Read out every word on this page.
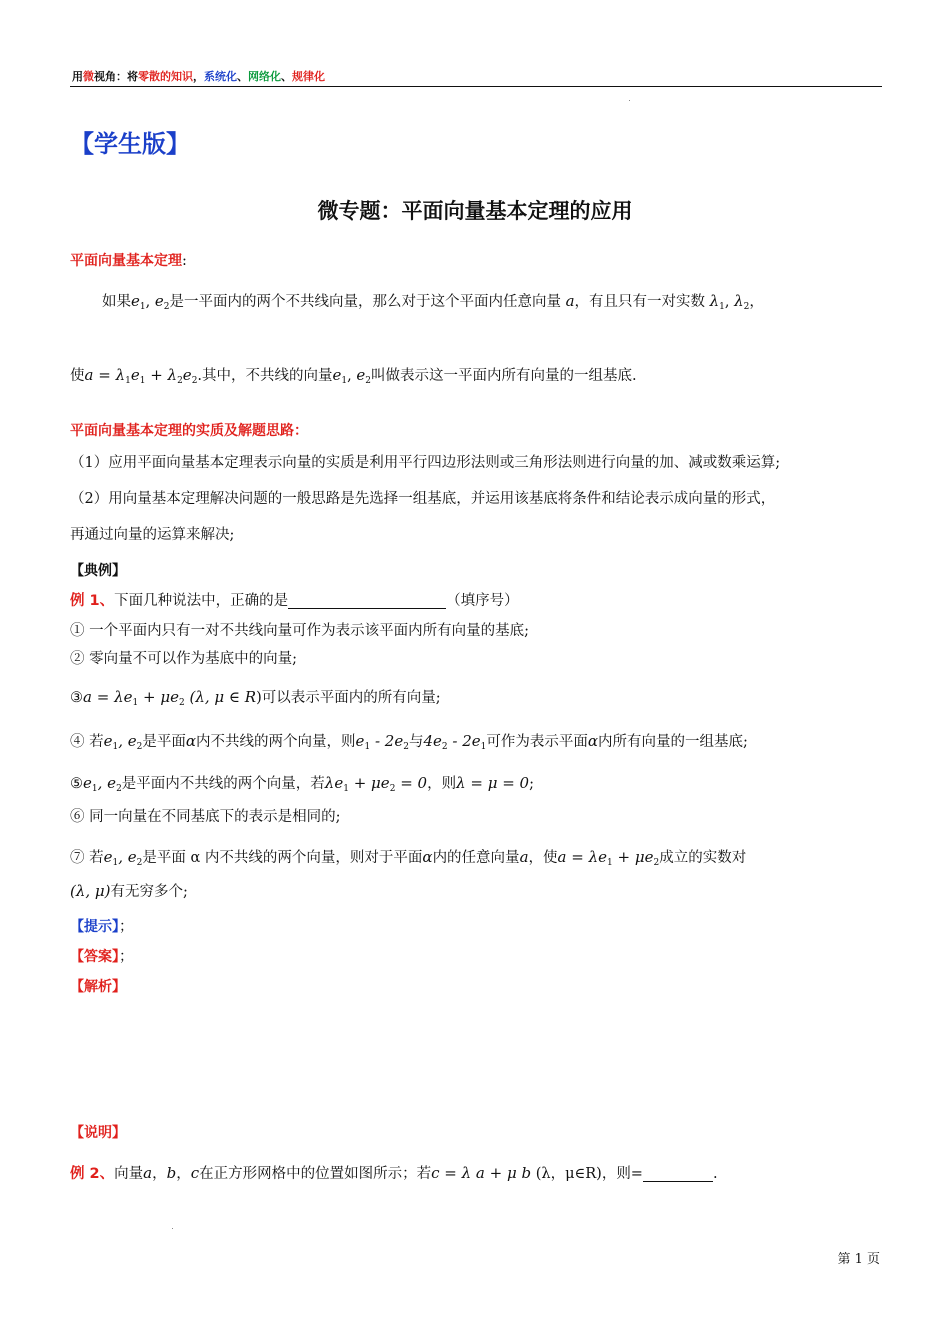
用微视角：将零散的知识，系统化、网络化、规律化
【学生版】
微专题：平面向量基本定理的应用
平面向量基本定理:
如果$e_1$, $e_2$是一平面内的两个不共线向量，那么对于这个平面内任意向量 a，有且只有一对实数 $\lambda_1$, $\lambda_2$，
使$a = \lambda_1e_1 + \lambda_2e_2$.其中，不共线的向量$e_1$, $e_2$叫做表示这一平面内所有向量的一组基底.
平面向量基本定理的实质及解题思路：
（1）应用平面向量基本定理表示向量的实质是利用平行四边形法则或三角形法则进行向量的加、减或数乘运算;
（2）用向量基本定理解决问题的一般思路是先选择一组基底，并运用该基底将条件和结论表示成向量的形式，
再通过向量的运算来解决;
【典例】
例 1、下面几种说法中，正确的是	（填序号）
① 一个平面内只有一对不共线向量可作为表示该平面内所有向量的基底;
② 零向量不可以作为基底中的向量;
③a = $\lambda e_1 + \mu e_2$ (λ, μ ∈ R)可以表示平面内的所有向量;
④ 若$e_1$, $e_2$是平面α内不共线的两个向量，则$e_1 - 2e_2$与$4e_2 - 2e_1$可作为表示平面α内所有向量的一组基底;
$⑤e_1$, $e_2$是平面内不共线的两个向量，若$\lambda e_1 + \mu e_2 = 0$，则λ = μ = 0;
⑥ 同一向量在不同基底下的表示是相同的;
⑦ 若$e_1$, $e_2$是平面 α 内不共线的两个向量，则对于平面α内的任意向量a，使$a = \lambda e_1 + \mu e_2$成立的实数对
(λ, μ)有无穷多个;
【提示】；
【答案】；
【解析】
【说明】
例 2、向量a，b，c在正方形网格中的位置如图所示；若c = λ a + μ b (λ，μ∈R)，则=	.
第 1 页
